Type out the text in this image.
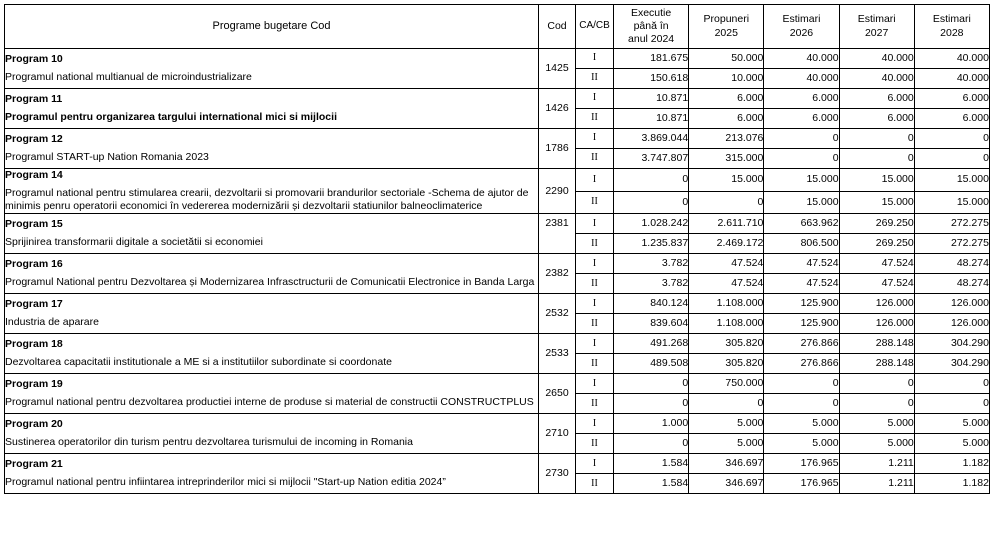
Programe bugetare Cod	Cod	CA/CB	Executie
până în
anul 2024	Propuneri
2025	Estimari
2026	Estimari
2027	Estimari
2028

Program 10
Programul national multianual de microindustrializare	1425	I	181.675	50.000	40.000	40.000	40.000
		II	150.618	10.000	40.000	40.000	40.000

Program 11
Programul pentru organizarea targului international mici si mijlocii	1426	I	10.871	6.000	6.000	6.000	6.000
		II	10.871	6.000	6.000	6.000	6.000

Program 12
Programul START-up Nation Romania 2023	1786	I	3.869.044	213.076	0	0	0
		II	3.747.807	315.000	0	0	0

Program 14
Programul national pentru stimularea crearii, dezvoltarii si promovarii brandurilor sectoriale -Schema de ajutor de minimis penru operatorii economici în vedererea modernizării și dezvoltarii statiunilor balneoclimaterice	2290	I	0	15.000	15.000	15.000	15.000
		II	0	0	15.000	15.000	15.000

Program 15
Sprijinirea transformarii digitale a societătii si economiei	2381	I	1.028.242	2.611.710	663.962	269.250	272.275
		II	1.235.837	2.469.172	806.500	269.250	272.275

Program 16
Programul National pentru Dezvoltarea și Modernizarea Infrasctructurii de Comunicatii Electronice in Banda Larga	2382	I	3.782	47.524	47.524	47.524	48.274
		II	3.782	47.524	47.524	47.524	48.274

Program 17
Industria de aparare	2532	I	840.124	1.108.000	125.900	126.000	126.000
		II	839.604	1.108.000	125.900	126.000	126.000

Program 18
Dezvoltarea capacitatii institutionale a ME si a institutiilor subordinate si coordonate	2533	I	491.268	305.820	276.866	288.148	304.290
		II	489.508	305.820	276.866	288.148	304.290

Program 19
Programul national pentru dezvoltarea productiei interne de produse si material de constructii CONSTRUCTPLUS	2650	I	0	750.000	0	0	0
		II	0	0	0	0	0

Program 20
Sustinerea operatorilor din turism pentru dezvoltarea turismului de incoming in Romania	2710	I	1.000	5.000	5.000	5.000	5.000
		II	0	5.000	5.000	5.000	5.000

Program 21
Programul national pentru infiintarea intreprinderilor mici si mijlocii "Start-up Nation editia 2024”	2730	I	1.584	346.697	176.965	1.211	1.182
		II	1.584	346.697	176.965	1.211	1.182
